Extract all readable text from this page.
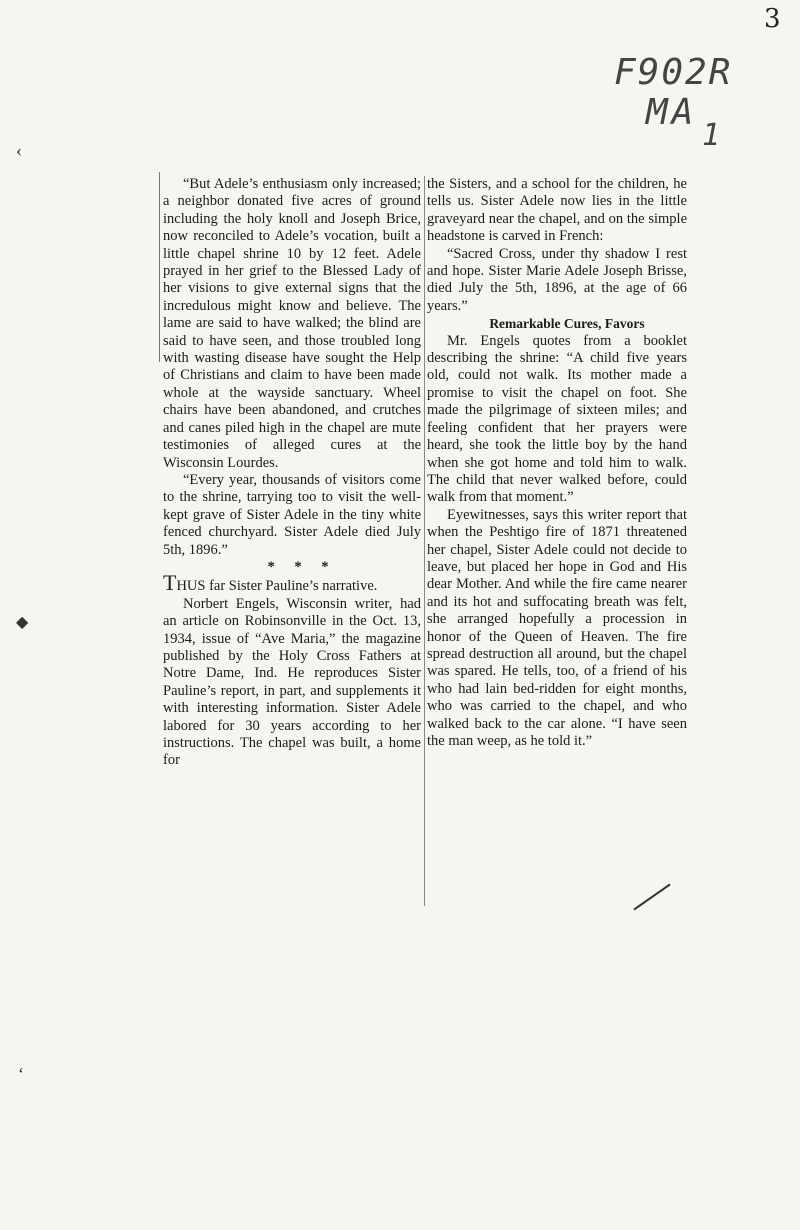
3
F902R
MA
1
‹
◆
‘

“But Adele’s enthusiasm only increased; a neighbor donated five acres of ground including the holy knoll and Joseph Brice, now reconciled to Adele’s vocation, built a little chapel shrine 10 by 12 feet. Adele prayed in her grief to the Blessed Lady of her visions to give external signs that the incredulous might know and believe. The lame are said to have walked; the blind are said to have seen, and those troubled long with wasting disease have sought the Help of Christians and claim to have been made whole at the wayside sanctuary. Wheel chairs have been abandoned, and crutches and canes piled high in the chapel are mute testimonies of alleged cures at the Wisconsin Lourdes.

“Every year, thousands of visitors come to the shrine, tarrying too to visit the well-kept grave of Sister Adele in the tiny white fenced churchyard. Sister Adele died July 5th, 1896.”

* * *

THUS far Sister Pauline’s narrative.

Norbert Engels, Wisconsin writer, had an article on Robinsonville in the Oct. 13, 1934, issue of “Ave Maria,” the magazine published by the Holy Cross Fathers at Notre Dame, Ind. He reproduces Sister Pauline’s report, in part, and supplements it with interesting information. Sister Adele labored for 30 years according to her instructions. The chapel was built, a home for

the Sisters, and a school for the children, he tells us. Sister Adele now lies in the little graveyard near the chapel, and on the simple headstone is carved in French:

“Sacred Cross, under thy shadow I rest and hope. Sister Marie Adele Joseph Brisse, died July the 5th, 1896, at the age of 66 years.”

Remarkable Cures, Favors

Mr. Engels quotes from a booklet describing the shrine: “A child five years old, could not walk. Its mother made a promise to visit the chapel on foot. She made the pilgrimage of sixteen miles; and feeling confident that her prayers were heard, she took the little boy by the hand when she got home and told him to walk. The child that never walked before, could walk from that moment.”

Eyewitnesses, says this writer report that when the Peshtigo fire of 1871 threatened her chapel, Sister Adele could not decide to leave, but placed her hope in God and His dear Mother. And while the fire came nearer and its hot and suffocating breath was felt, she arranged hopefully a procession in honor of the Queen of Heaven. The fire spread destruction all around, but the chapel was spared. He tells, too, of a friend of his who had lain bed-ridden for eight months, who was carried to the chapel, and who walked back to the car alone. “I have seen the man weep, as he told it.”
